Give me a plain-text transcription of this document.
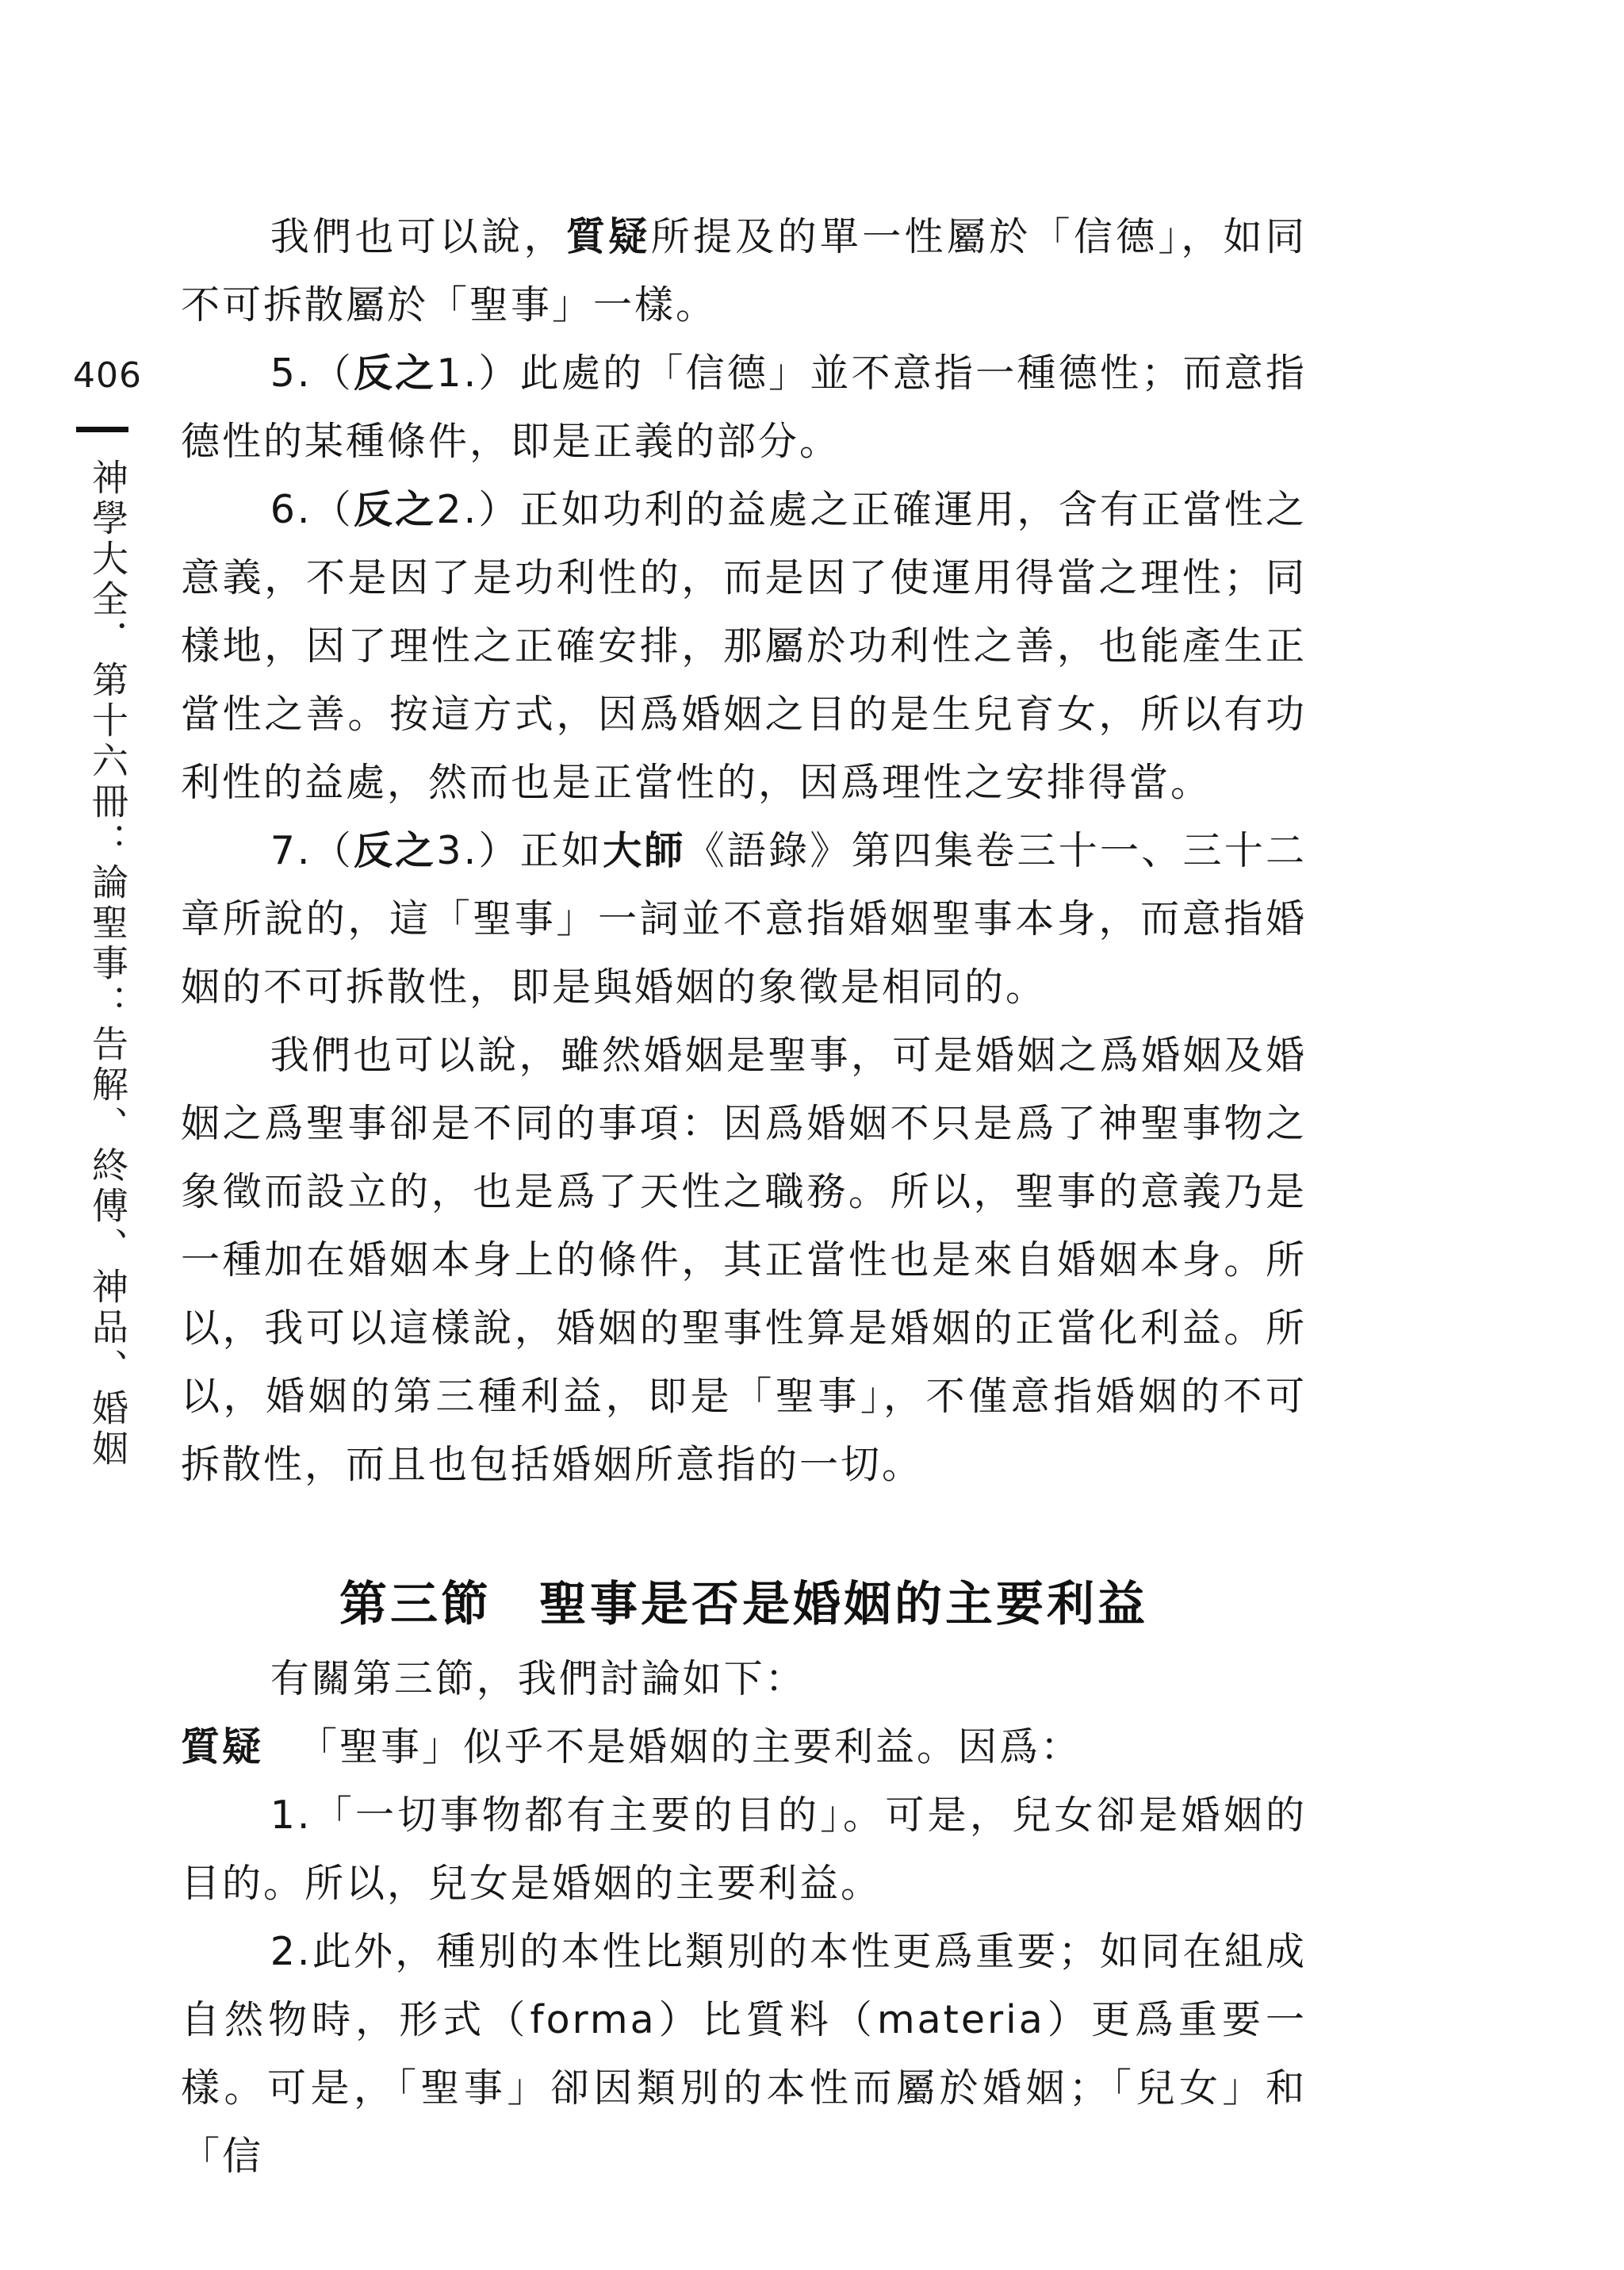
406
神學大全．第十六冊：論聖事：告解、終傅、神品、婚姻

我們也可以說，質疑所提及的單一性屬於「信德」，如同不可拆散屬於「聖事」一樣。

5.（反之1.）此處的「信德」並不意指一種德性；而意指德性的某種條件，即是正義的部分。

6.（反之2.）正如功利的益處之正確運用，含有正當性之意義，不是因了是功利性的，而是因了使運用得當之理性；同樣地，因了理性之正確安排，那屬於功利性之善，也能產生正當性之善。按這方式，因爲婚姻之目的是生兒育女，所以有功利性的益處，然而也是正當性的，因爲理性之安排得當。

7.（反之3.）正如大師《語錄》第四集卷三十一、三十二章所說的，這「聖事」一詞並不意指婚姻聖事本身，而意指婚姻的不可拆散性，即是與婚姻的象徵是相同的。

我們也可以說，雖然婚姻是聖事，可是婚姻之爲婚姻及婚姻之爲聖事卻是不同的事項：因爲婚姻不只是爲了神聖事物之象徵而設立的，也是爲了天性之職務。所以，聖事的意義乃是一種加在婚姻本身上的條件，其正當性也是來自婚姻本身。所以，我可以這樣說，婚姻的聖事性算是婚姻的正當化利益。所以，婚姻的第三種利益，即是「聖事」，不僅意指婚姻的不可拆散性，而且也包括婚姻所意指的一切。

第三節 聖事是否是婚姻的主要利益

有關第三節，我們討論如下：

質疑 「聖事」似乎不是婚姻的主要利益。因爲：

1.「一切事物都有主要的目的」。可是，兒女卻是婚姻的目的。所以，兒女是婚姻的主要利益。

2.此外，種別的本性比類別的本性更爲重要；如同在組成自然物時，形式（forma）比質料（materia）更爲重要一樣。可是，「聖事」卻因類別的本性而屬於婚姻；「兒女」和「信
